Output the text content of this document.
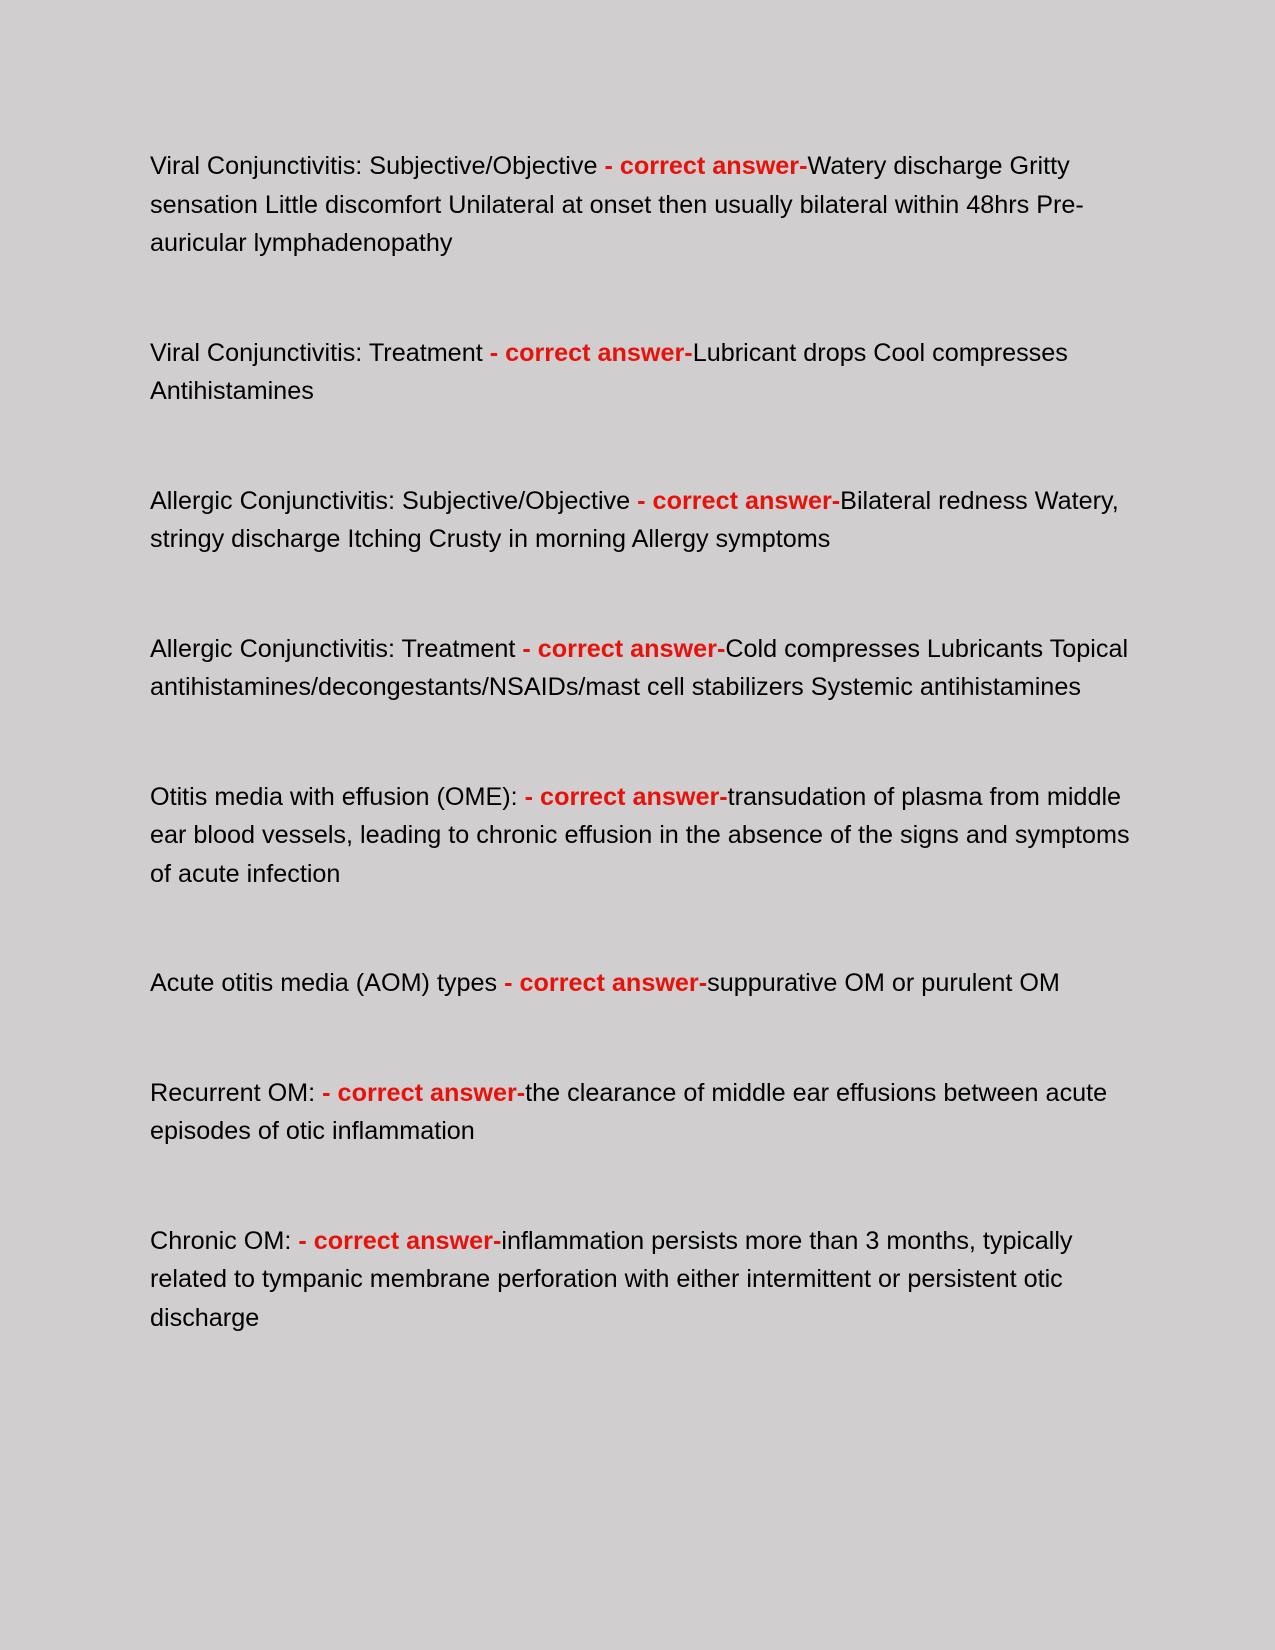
Viral Conjunctivitis: Subjective/Objective - correct answer-Watery discharge Gritty sensation Little discomfort Unilateral at onset then usually bilateral within 48hrs Pre-auricular lymphadenopathy

Viral Conjunctivitis: Treatment - correct answer-Lubricant drops Cool compresses Antihistamines

Allergic Conjunctivitis: Subjective/Objective - correct answer-Bilateral redness Watery, stringy discharge Itching Crusty in morning Allergy symptoms

Allergic Conjunctivitis: Treatment - correct answer-Cold compresses Lubricants Topical antihistamines/decongestants/NSAIDs/mast cell stabilizers Systemic antihistamines

Otitis media with effusion (OME): - correct answer-transudation of plasma from middle ear blood vessels, leading to chronic effusion in the absence of the signs and symptoms of acute infection

Acute otitis media (AOM) types - correct answer-suppurative OM or purulent OM

Recurrent OM: - correct answer-the clearance of middle ear effusions between acute episodes of otic inflammation

Chronic OM: - correct answer-inflammation persists more than 3 months, typically related to tympanic membrane perforation with either intermittent or persistent otic discharge
